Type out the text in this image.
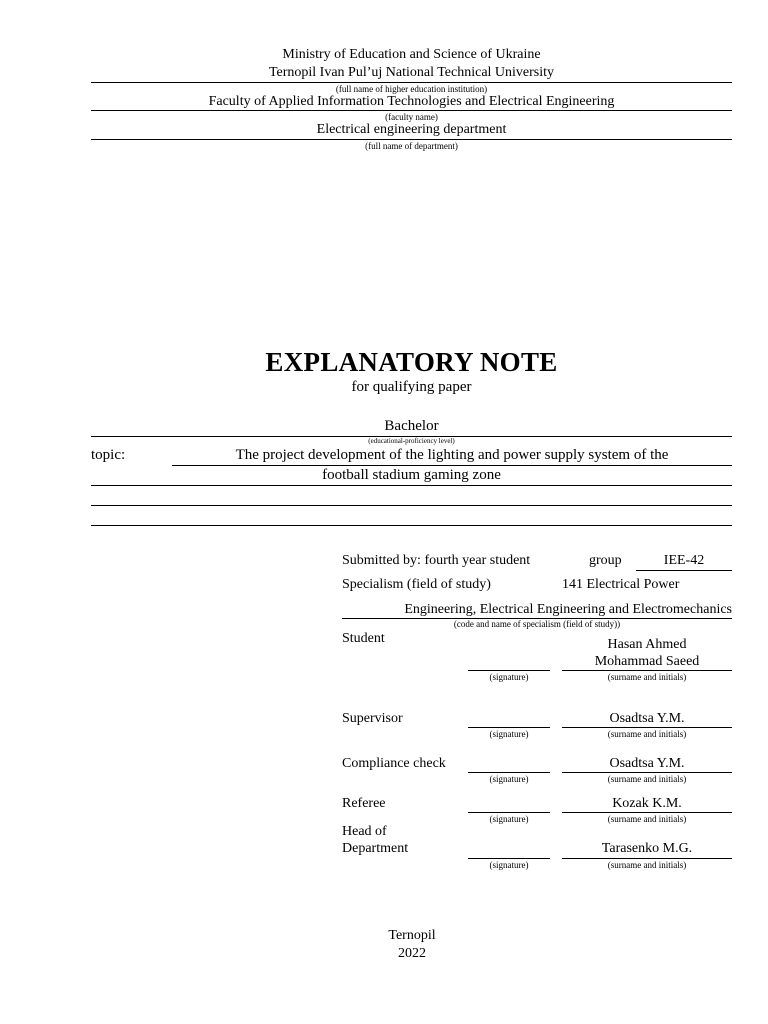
Ministry of Education and Science of Ukraine
Ternopil Ivan Pul’uj National Technical University
(full name of higher education institution)
Faculty of Applied Information Technologies and Electrical Engineering
(faculty name)
Electrical engineering department
(full name of department)
EXPLANATORY NOTE
for qualifying paper
Bachelor
(educational-proficiency level)
topic:	The project development of the lighting and power supply system of the
football stadium gaming zone
Submitted by: fourth year student	group	IEE-42
Specialism (field of study)	141 Electrical Power
Engineering, Electrical Engineering and Electromechanics
(code and name of specialism (field of study))
Student	Hasan Ahmed
Mohammad Saeed
(signature)	(surname and initials)
Supervisor	Osadtsa Y.M.
(signature)	(surname and initials)
Compliance check	Osadtsa Y.M.
(signature)	(surname and initials)
Referee	Kozak K.M.
(signature)	(surname and initials)
Head of
Department	Tarasenko M.G.
(signature)	(surname and initials)
Ternopil
2022
